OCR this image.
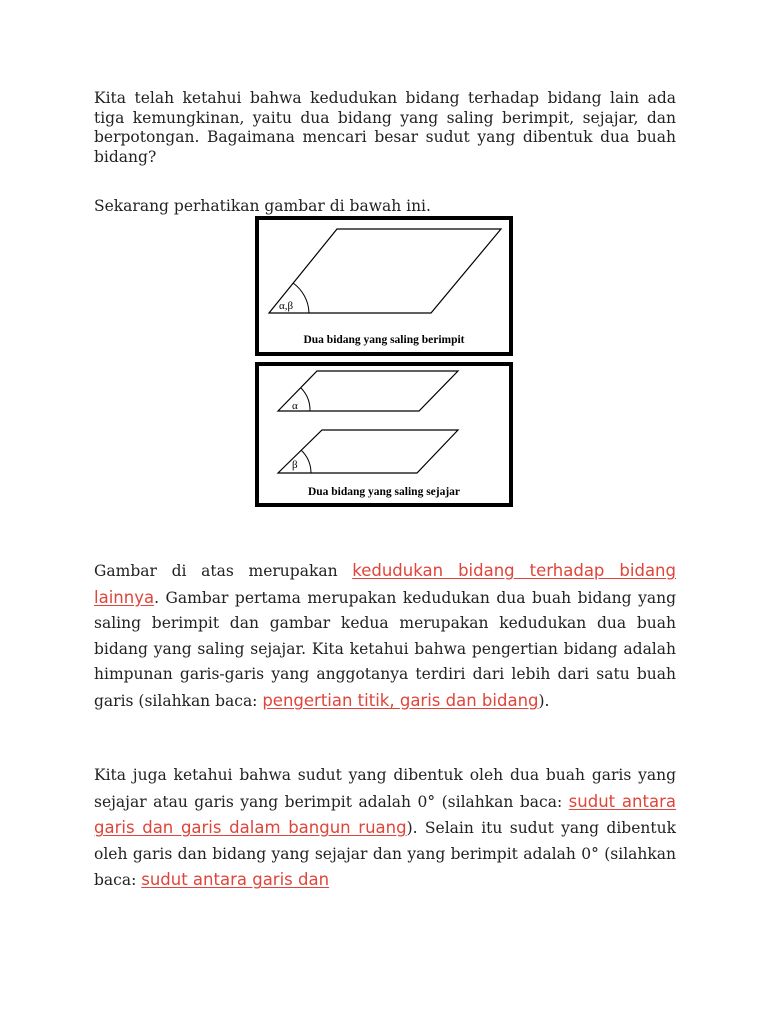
Kita telah ketahui bahwa kedudukan bidang terhadap bidang lain ada tiga kemungkinan, yaitu dua bidang yang saling berimpit, sejajar, dan berpotongan. Bagaimana mencari besar sudut yang dibentuk dua buah bidang?

Sekarang perhatikan gambar di bawah ini.

α,β
Dua bidang yang saling berimpit
α
β
Dua bidang yang saling sejajar

Gambar di atas merupakan kedudukan bidang terhadap bidang lainnya. Gambar pertama merupakan kedudukan dua buah bidang yang saling berimpit dan gambar kedua merupakan kedudukan dua buah bidang yang saling sejajar. Kita ketahui bahwa pengertian bidang adalah himpunan garis-garis yang anggotanya terdiri dari lebih dari satu buah garis (silahkan baca: pengertian titik, garis dan bidang).

Kita juga ketahui bahwa sudut yang dibentuk oleh dua buah garis yang sejajar atau garis yang berimpit adalah 0° (silahkan baca: sudut antara garis dan garis dalam bangun ruang). Selain itu sudut yang dibentuk oleh garis dan bidang yang sejajar dan yang berimpit adalah 0° (silahkan baca: sudut antara garis dan
